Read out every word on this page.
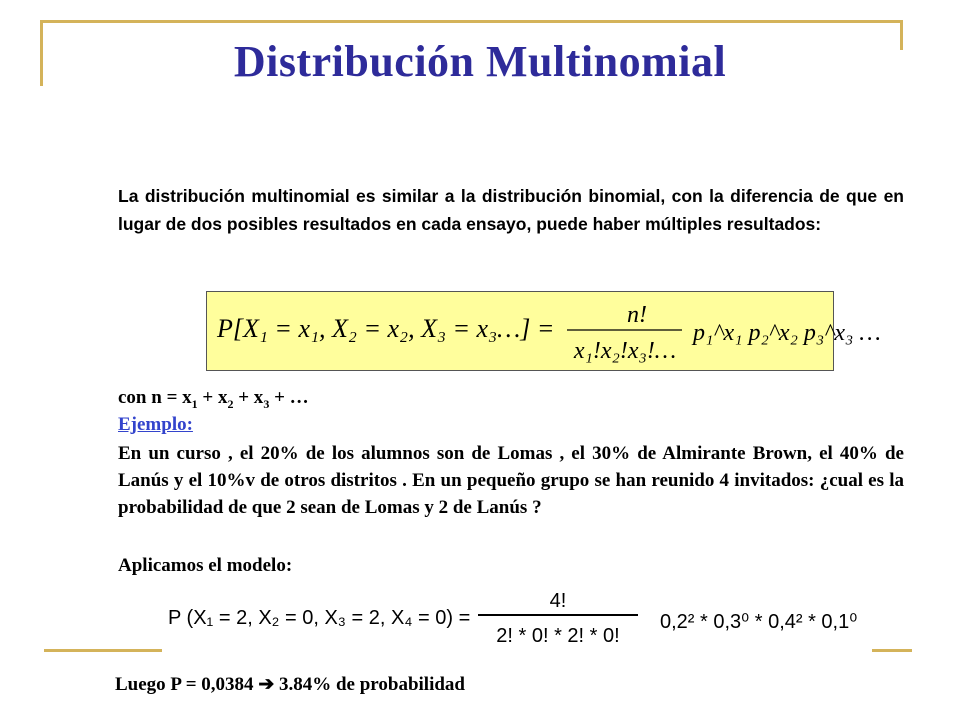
Distribución Multinomial
La distribución multinomial es similar a la distribución binomial, con la diferencia de que en lugar de dos posibles resultados en cada ensayo, puede haber múltiples resultados:
P[X₁ = x₁, X₂ = x₂, X₃ = x₃…] =	n!
x₁!x₂!x₃!…
p₁^x₁ p₂^x₂ p₃^x₃ …
con $n = x_1 + x_2 + x_3$ + …
Ejemplo:
En un curso , el 20% de los alumnos son de Lomas , el 30% de Almirante Brown, el 40% de Lanús y el 10%v de otros distritos . En un pequeño grupo se han reunido 4 invitados: ¿cual es la probabilidad de que 2 sean de Lomas y 2 de Lanús ?
Aplicamos el modelo:
P (X₁ = 2, X₂ = 0, X₃ = 2, X₄ = 0) =
4!
2! * 0! * 2! * 0!
0,2² * 0,3⁰ * 0,4² * 0,1⁰
Luego P = 0,0384 ➔ 3.84% de probabilidad
